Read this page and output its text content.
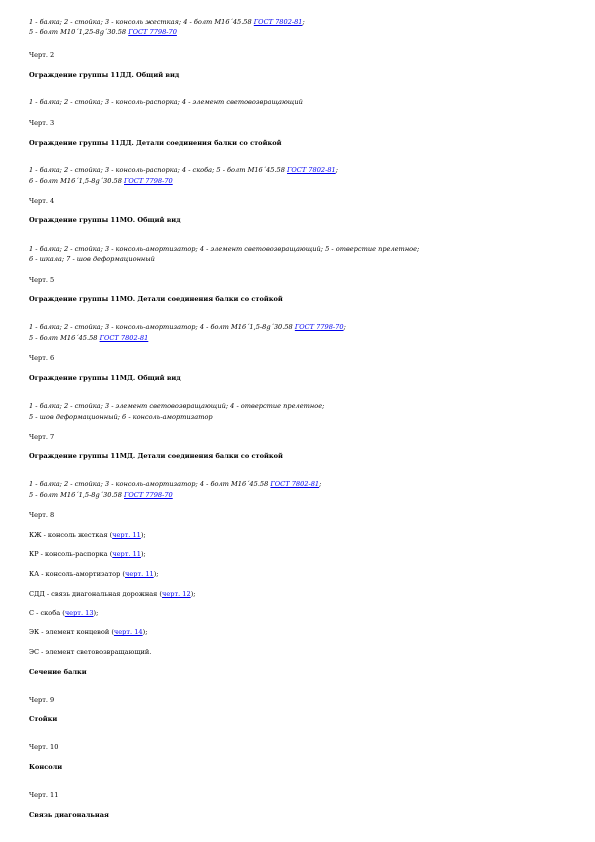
1 - балка; 2 - стойка; 3 - консоль жесткая; 4 - болт М16´45.58 ГОСТ 7802-81;
5 - болт М10´1,25-8g´30.58 ГОСТ 7798-70
Черт. 2
Ограждение группы 11ДД. Общий вид
1 - балка; 2 - стойка; 3 - консоль-распорка; 4 - элемент световозвращающий
Черт. 3
Ограждение группы 11ДД. Детали соединения балки со стойкой
1 - балка; 2 - стойка; 3 - консоль-распорка; 4 - скоба; 5 - болт М16´45.58 ГОСТ 7802-81;
6 - болт М16´1,5-8g´30.58 ГОСТ 7798-70
Черт. 4
Ограждение группы 11МО. Общий вид
1 - балка; 2 - стойка; 3 - консоль-амортизатор; 4 - элемент световозвращающий; 5 - отверстие прелетное;
6 - шкала; 7 - шов деформационный
Черт. 5
Ограждение группы 11МО. Детали соединения балки со стойкой
1 - балка; 2 - стойка; 3 - консоль-амортизатор; 4 - болт М16´1,5-8g´30.58 ГОСТ 7798-70;
5 - болт М16´45.58 ГОСТ 7802-81
Черт. 6
Ограждение группы 11МД. Общий вид
1 - балка; 2 - стойка; 3 - элемент световозвращающий; 4 - отверстие прелетное;
5 - шов деформационный; 6 - консоль-амортизатор
Черт. 7
Ограждение группы 11МД. Детали соединения балки со стойкой
1 - балка; 2 - стойка; 3 - консоль-амортизатор; 4 - болт М16´45.58 ГОСТ 7802-81;
5 - болт М16´1,5-8g´30.58 ГОСТ 7798-70
Черт. 8
КЖ - консоль жесткая (черт. 11);
КР - консоль-распорка (черт. 11);
КА - консоль-амортизатор (черт. 11);
СДД - связь диагональная дорожная (черт. 12);
С - скоба (черт. 13);
ЭК - элемент концевой (черт. 14);
ЭС - элемент световозвращающий.
Сечение балки
Черт. 9
Стойки
Черт. 10
Консоли
Черт. 11
Связь диагональная
